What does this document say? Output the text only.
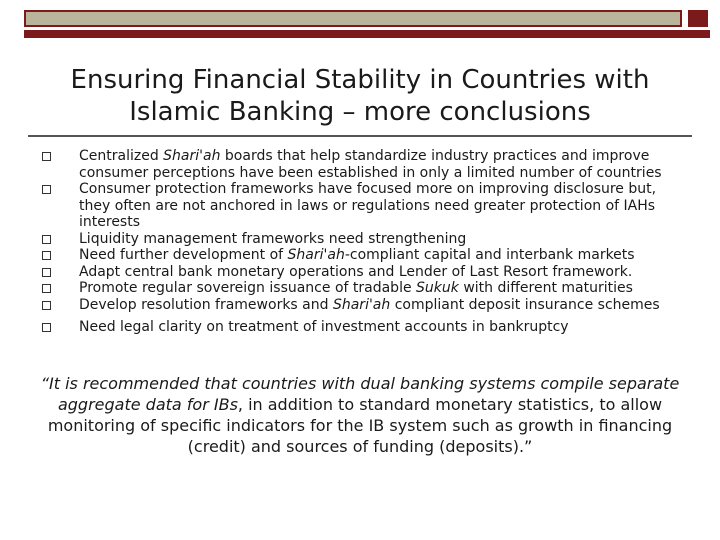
Ensuring Financial Stability in Countries with
Islamic Banking – more conclusions
Centralized Shari'ah boards that help standardize industry practices and improve consumer perceptions have been established in only a limited number of countries
Consumer protection frameworks have focused more on improving disclosure but, they often are not anchored in laws or regulations need greater protection of IAHs interests
Liquidity management frameworks need strengthening
Need further development of Shari'ah-compliant capital and interbank markets
Adapt central bank monetary operations and Lender of Last Resort framework.
Promote regular sovereign issuance of tradable Sukuk with different maturities
Develop resolution frameworks and Shari'ah compliant deposit insurance schemes
Need legal clarity on treatment of investment accounts in bankruptcy
“It is recommended that countries with dual banking systems compile separate aggregate data for IBs, in addition to standard monetary statistics, to allow monitoring of specific indicators for the IB system such as growth in financing (credit) and sources of funding (deposits).”
